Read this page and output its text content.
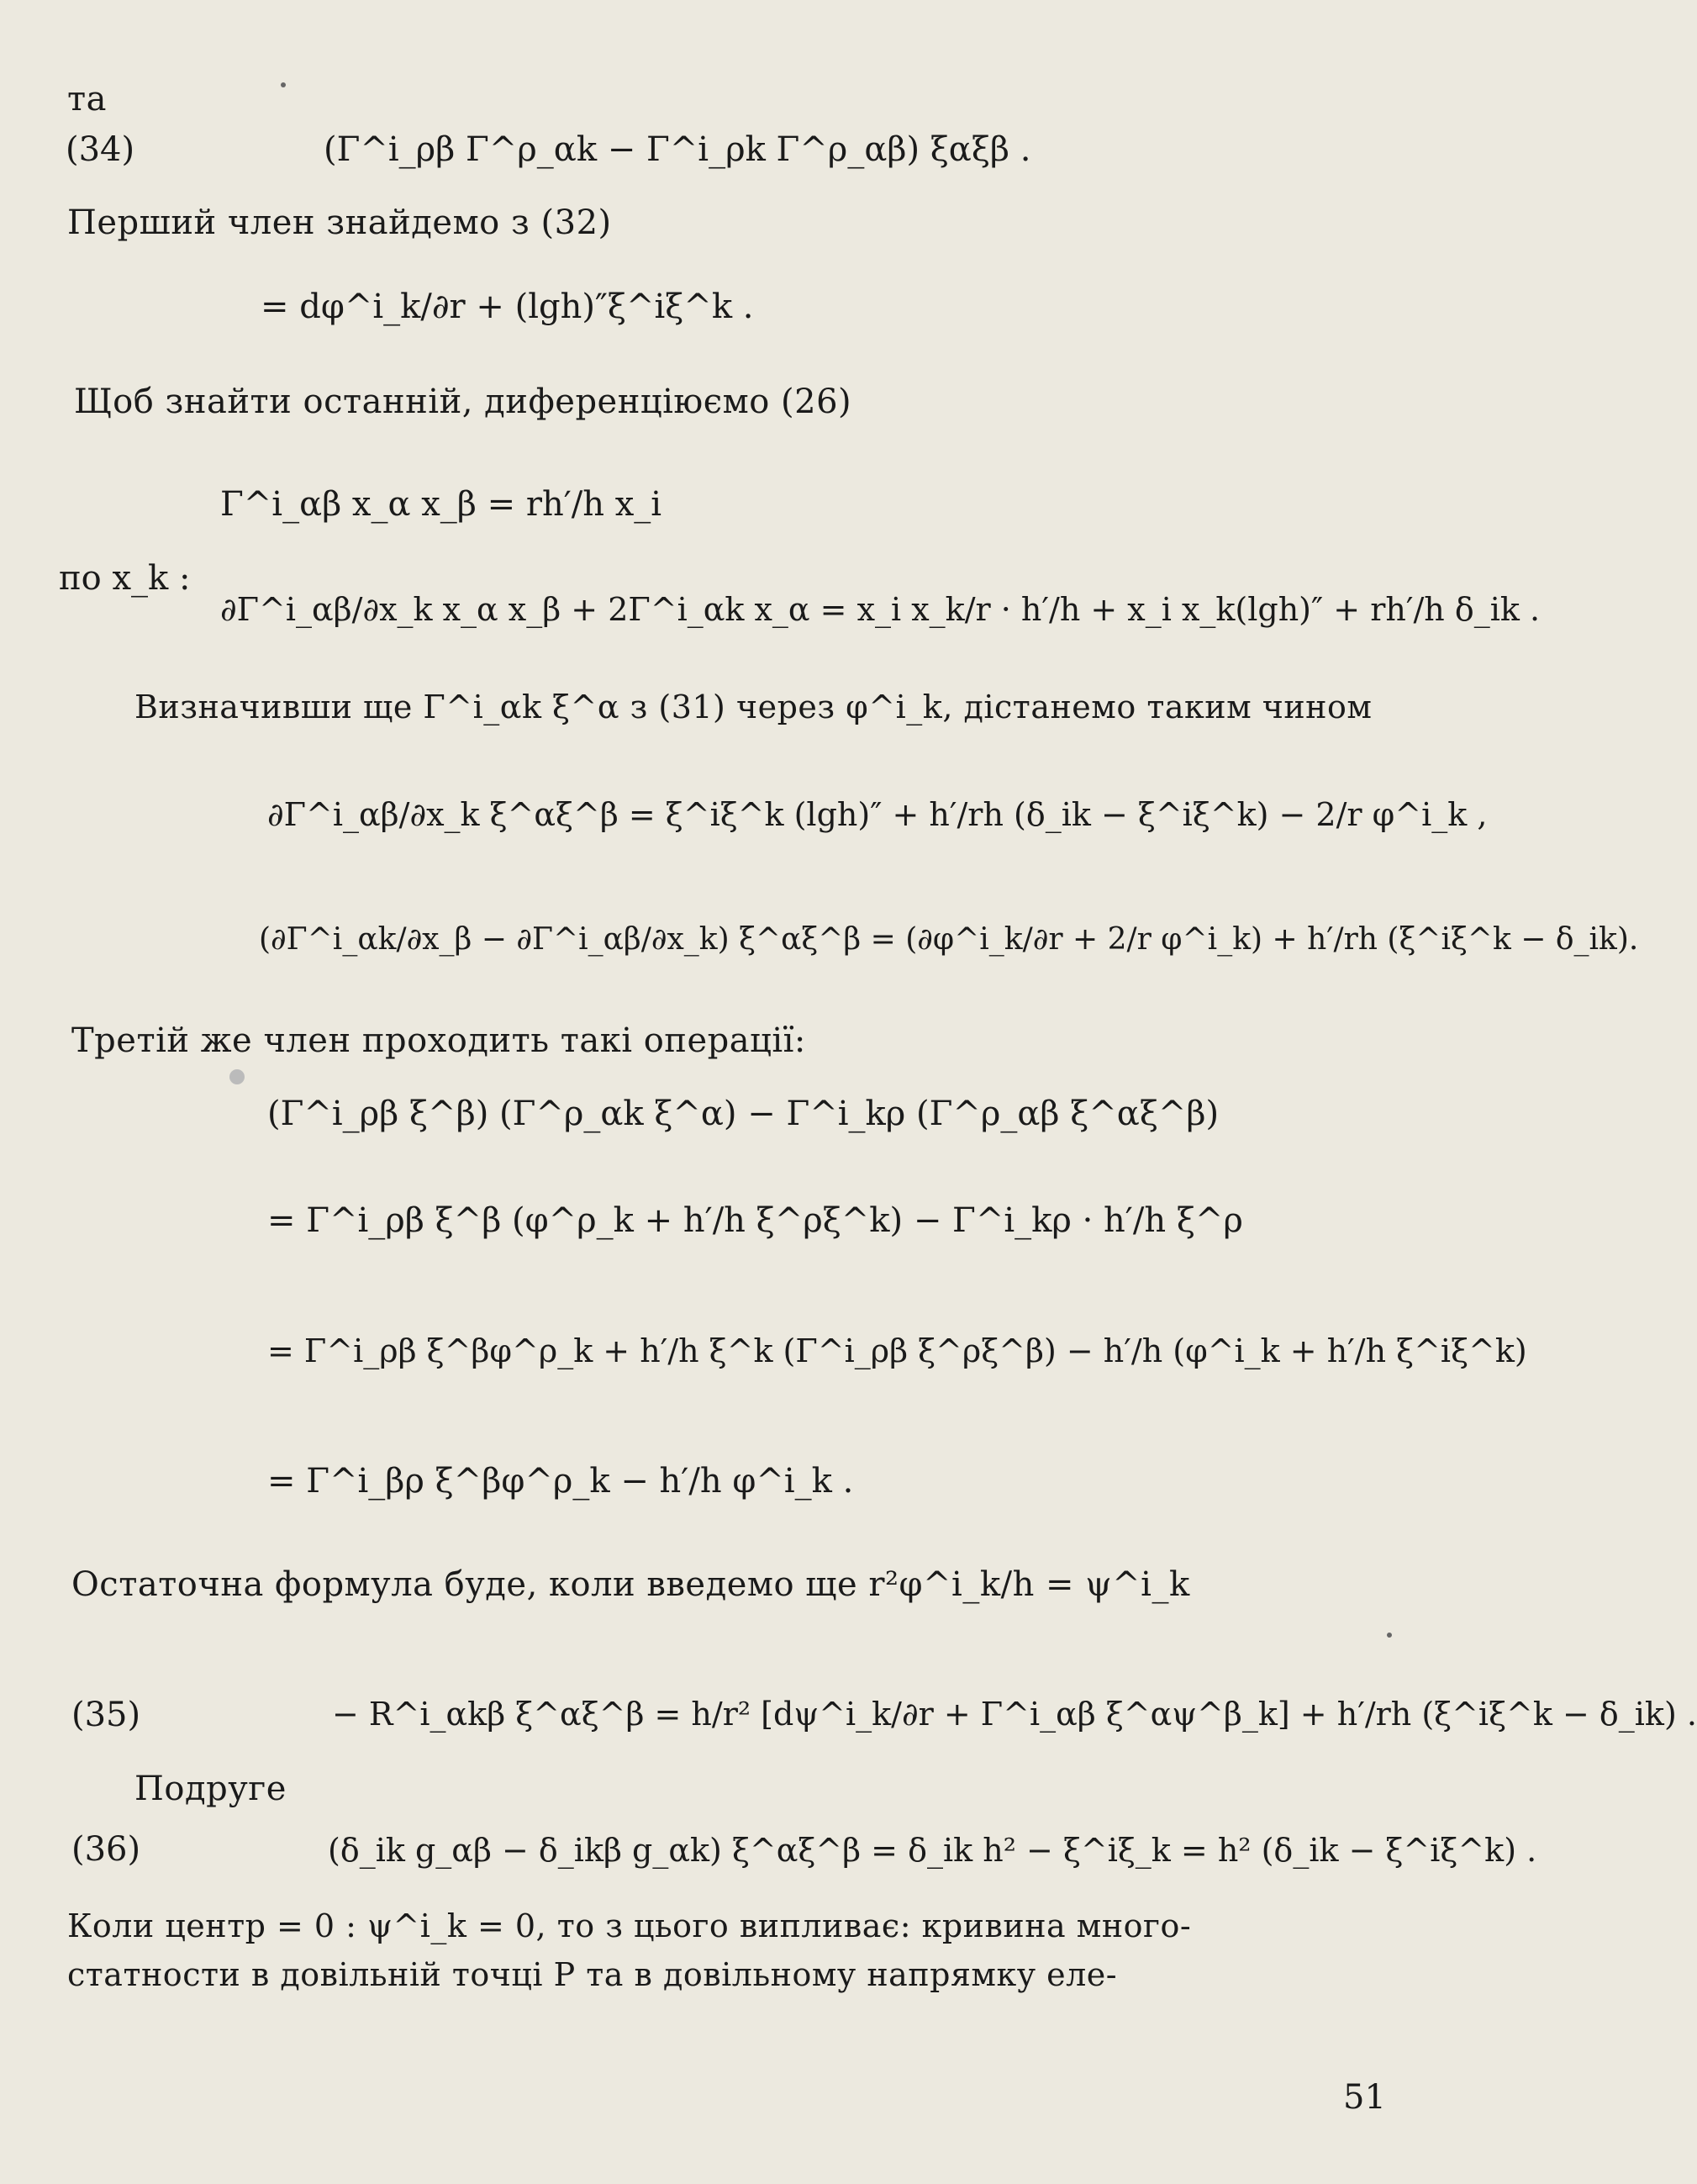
та
(34)	(Γ^i_ρβ Γ^ρ_αk − Γ^i_ρk Γ^ρ_αβ) ξαξβ .
Перший член знайдемо з (32)
= dφ^i_k/∂r + (lgh)″ξ^iξ^k .
Щоб знайти останній, диференціюємо (26)
Γ^i_αβ x_α x_β = rh′/h x_i
по x_k :
∂Γ^i_αβ/∂x_k x_α x_β + 2Γ^i_αk x_α = x_i x_k/r · h′/h + x_i x_k(lgh)″ + rh′/h δ_ik .
Визначивши ще Γ^i_αk ξ^α з (31) через φ^i_k, дістанемо таким чином
∂Γ^i_αβ/∂x_k ξ^αξ^β = ξ^iξ^k (lgh)″ + h′/rh (δ_ik − ξ^iξ^k) − 2/r φ^i_k ,
(∂Γ^i_αk/∂x_β − ∂Γ^i_αβ/∂x_k) ξ^αξ^β = (∂φ^i_k/∂r + 2/r φ^i_k) + h′/rh (ξ^iξ^k − δ_ik).
Третій же член проходить такі операції:
(Γ^i_ρβ ξ^β) (Γ^ρ_αk ξ^α) − Γ^i_kρ (Γ^ρ_αβ ξ^αξ^β)
= Γ^i_ρβ ξ^β (φ^ρ_k + h′/h ξ^ρξ^k) − Γ^i_kρ · h′/h ξ^ρ
= Γ^i_ρβ ξ^βφ^ρ_k + h′/h ξ^k (Γ^i_ρβ ξ^ρξ^β) − h′/h (φ^i_k + h′/h ξ^iξ^k)
= Γ^i_βρ ξ^βφ^ρ_k − h′/h φ^i_k .
Остаточна формула буде, коли введемо ще r²φ^i_k/h = ψ^i_k
(35)	− R^i_αkβ ξ^αξ^β = h/r² [dψ^i_k/∂r + Γ^i_αβ ξ^αψ^β_k] + h′/rh (ξ^iξ^k − δ_ik) .
Подруге
(36)	(δ_ik g_αβ − δ_ikβ g_αk) ξ^αξ^β = δ_ik h² − ξ^iξ_k = h² (δ_ik − ξ^iξ^k) .
Коли центр = 0 : ψ^i_k = 0, то з цього випливає: кривина много-
статности в довільній точці P та в довільному напрямку еле-
51
